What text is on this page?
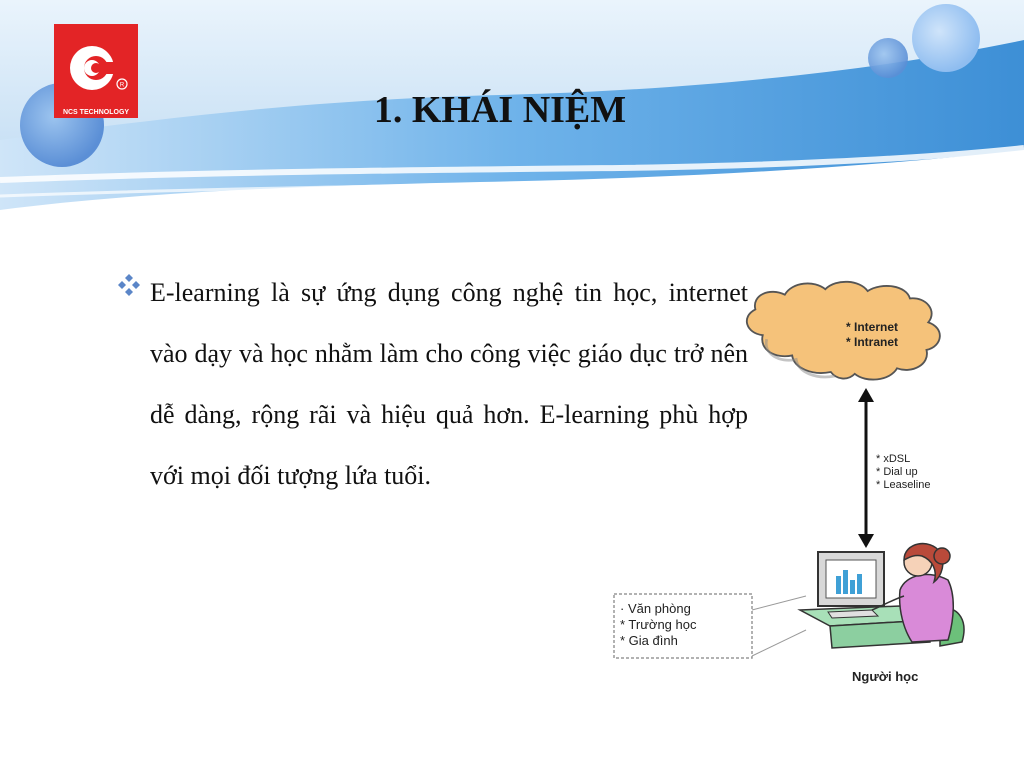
R
NCS TECHNOLOGY	1. KHÁI NIỆM
E-learning là sự ứng dụng công nghệ tin học, internet vào dạy và học nhằm làm cho công việc giáo dục trở nên dễ dàng, rộng rãi và hiệu quả hơn. E-learning phù hợp với mọi đối tượng lứa tuổi.
* Internet
* Intranet
* xDSL
* Dial up
* Leaseline
· Văn phòng
* Trường học
* Gia đình
Người học
